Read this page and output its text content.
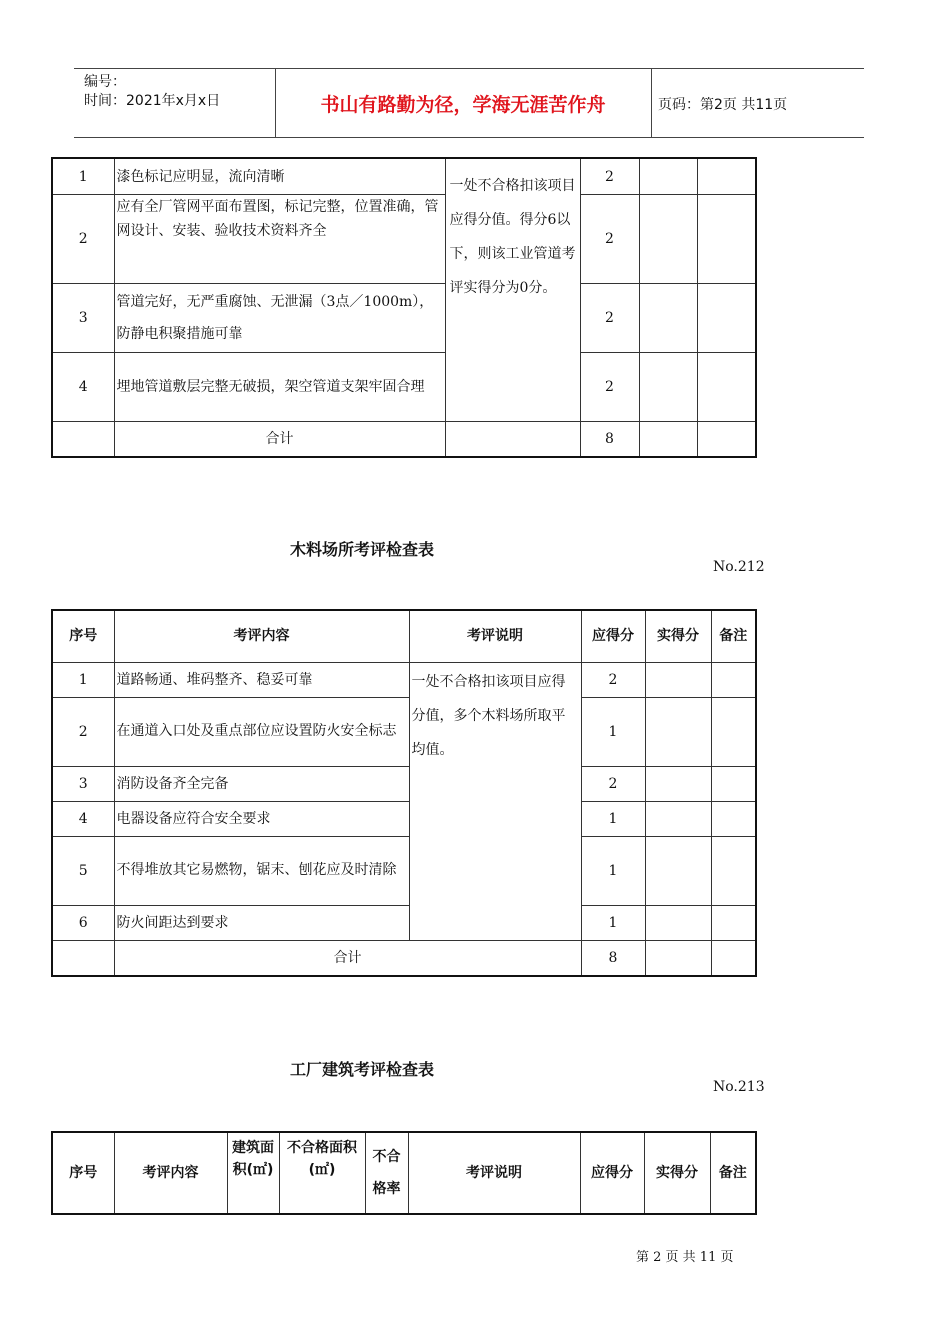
编号：
时间：2021年x月x日	书山有路勤为径，学海无涯苦作舟	页码：第2页 共11页
1	漆色标记应明显，流向清晰	一处不合格扣该项目应得分值。得分6以下，则该工业管道考评实得分为0分。	2		
2	应有全厂管网平面布置图，标记完整，位置准确，管网设计、安装、验收技术资料齐全		2		
3	管道完好，无严重腐蚀、无泄漏（3点／1000m），防静电积聚措施可靠		2		
4	埋地管道敷层完整无破损，架空管道支架牢固合理		2		
	合计		8		
木料场所考评检查表
No.212
序号	考评内容	考评说明	应得分	实得分	备注
1	道路畅通、堆码整齐、稳妥可靠	一处不合格扣该项目应得分值，多个木料场所取平均值。	2		
2	在通道入口处及重点部位应设置防火安全标志		1		
3	消防设备齐全完备		2		
4	电器设备应符合安全要求		1		
5	不得堆放其它易燃物，锯末、刨花应及时清除		1		
6	防火间距达到要求		1		
	合计		8		
工厂建筑考评检查表
No.213
序号	考评内容	建筑面积(㎡)	不合格面积(㎡)	不合格率	考评说明	应得分	实得分	备注
第 2 页 共 11 页
